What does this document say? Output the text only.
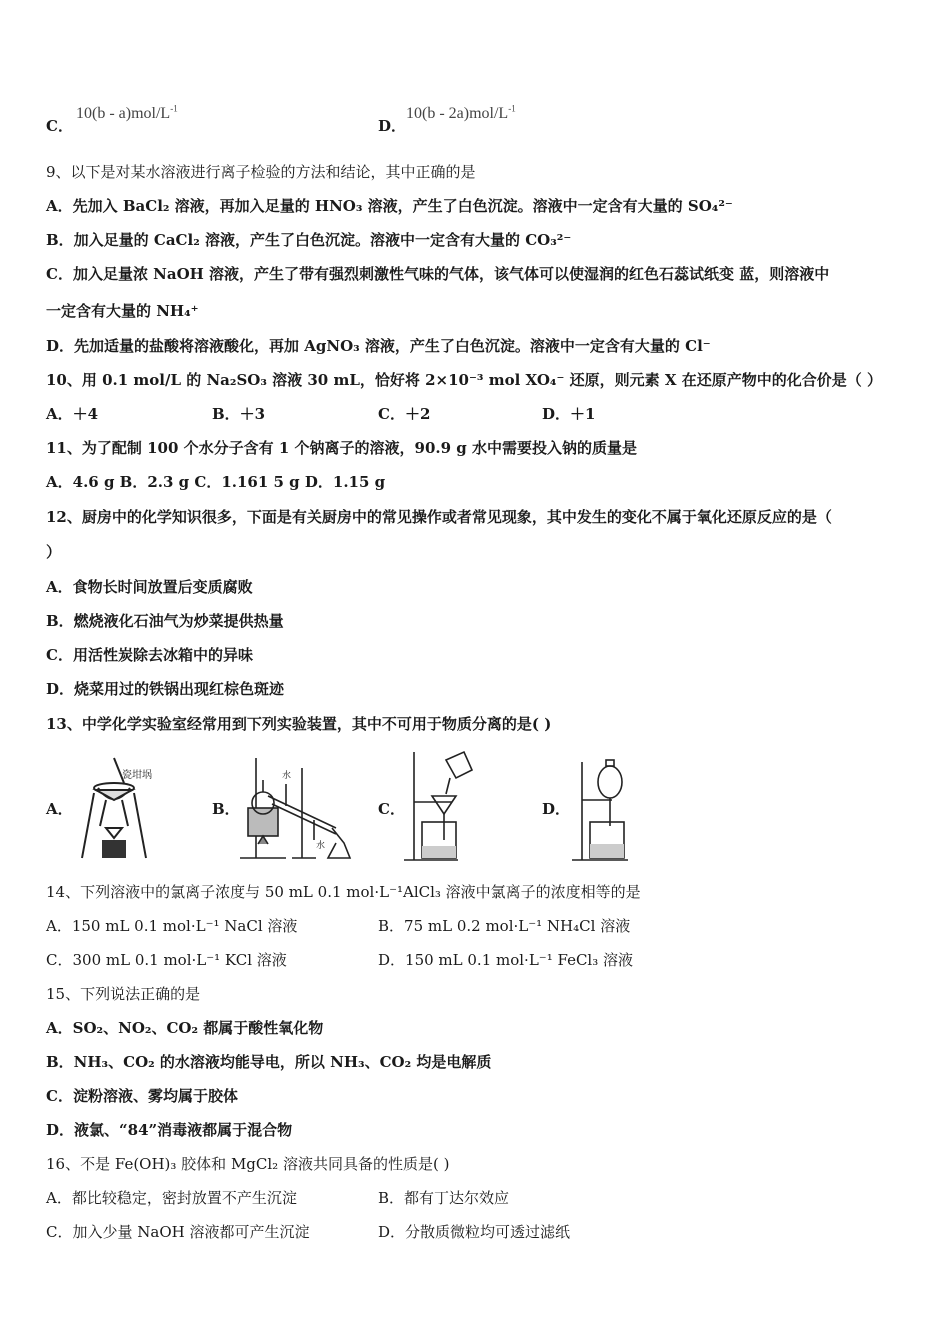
C．
$10(b - a)mol/L^{-1}$
D．
$10(b - 2a)mol/L^{-1}$
9、以下是对某水溶液进行离子检验的方法和结论，其中正确的是
A．先加入 BaCl₂ 溶液，再加入足量的 HNO₃ 溶液，产生了白色沉淀。溶液中一定含有大量的 SO₄²⁻
B．加入足量的 CaCl₂ 溶液，产生了白色沉淀。溶液中一定含有大量的 CO₃²⁻
C．加入足量浓 NaOH 溶液，产生了带有强烈刺激性气味的气体，该气体可以使湿润的红色石蕊试纸变 蓝，则溶液中
一定含有大量的 NH₄⁺
D．先加适量的盐酸将溶液酸化，再加 AgNO₃ 溶液，产生了白色沉淀。溶液中一定含有大量的 Cl⁻
10、用 0.1 mol/L 的 Na₂SO₃ 溶液 30 mL，恰好将 2×10⁻³ mol XO₄⁻ 还原，则元素 X 在还原产物中的化合价是（ ）
A．＋4	B．＋3	C．＋2	D．＋1
11、为了配制 100 个水分子含有 1 个钠离子的溶液，90.9 g 水中需要投入钠的质量是
A．4.6 g B．2.3 g C．1.161 5 g D．1.15 g
12、厨房中的化学知识很多，下面是有关厨房中的常见操作或者常见现象，其中发生的变化不属于氧化还原反应的是（
）
A．食物长时间放置后变质腐败
B．燃烧液化石油气为炒菜提供热量
C．用活性炭除去冰箱中的异味
D．烧菜用过的铁锅出现红棕色斑迹
13、中学化学实验室经常用到下列实验装置，其中不可用于物质分离的是( )
A．
瓷坩埚
B．
水
水
C．	D．
14、下列溶液中的氯离子浓度与 50 mL 0.1 mol·L⁻¹AlCl₃ 溶液中氯离子的浓度相等的是
A．150 mL 0.1 mol·L⁻¹ NaCl 溶液	B．75 mL 0.2 mol·L⁻¹ NH₄Cl 溶液
C．300 mL 0.1 mol·L⁻¹ KCl 溶液	D．150 mL 0.1 mol·L⁻¹ FeCl₃ 溶液
15、下列说法正确的是
A．SO₂、NO₂、CO₂ 都属于酸性氧化物
B．NH₃、CO₂ 的水溶液均能导电，所以 NH₃、CO₂ 均是电解质
C．淀粉溶液、雾均属于胶体
D．液氯、“84”消毒液都属于混合物
16、不是 Fe(OH)₃ 胶体和 MgCl₂ 溶液共同具备的性质是( )
A．都比较稳定，密封放置不产生沉淀	B．都有丁达尔效应
C．加入少量 NaOH 溶液都可产生沉淀	D．分散质微粒均可透过滤纸
